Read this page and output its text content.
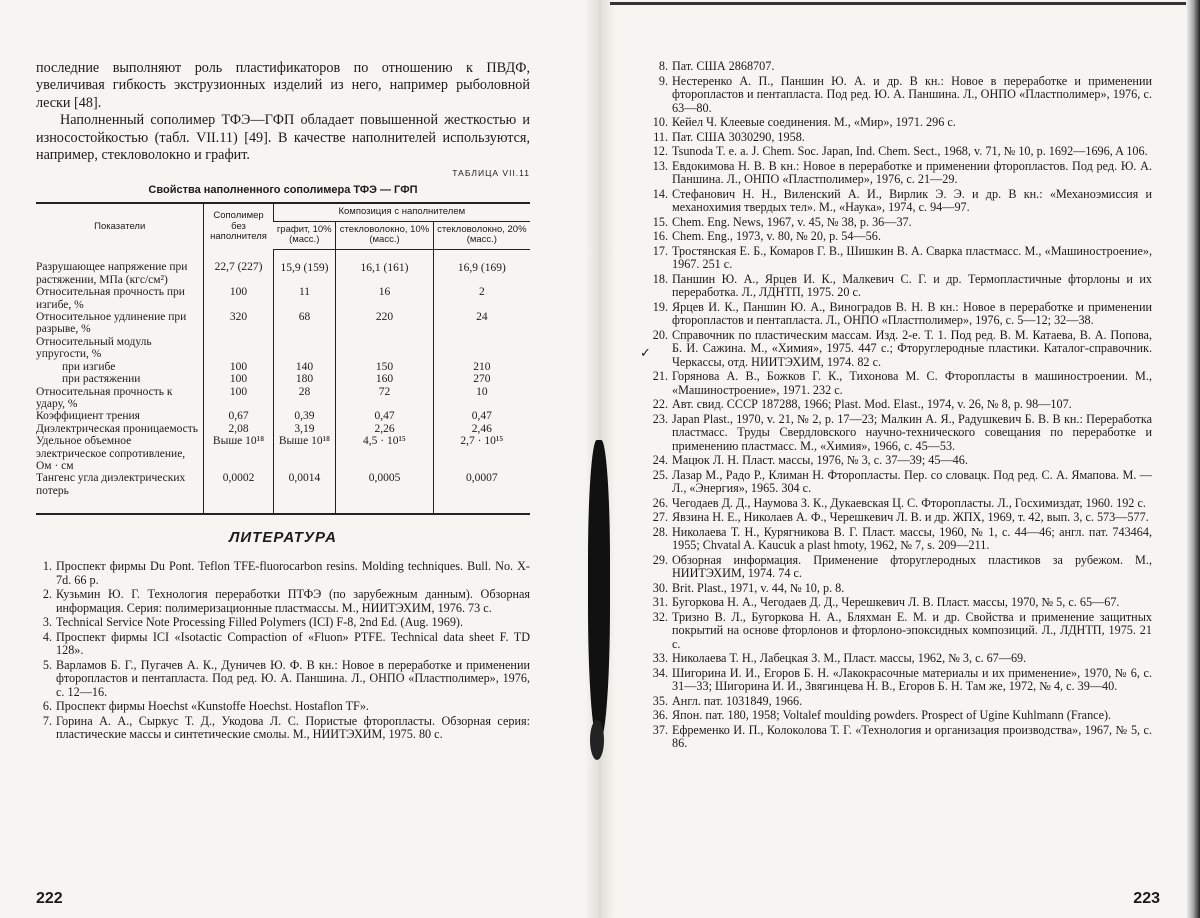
последние выполняют роль пластификаторов по отношению к ПВДФ, увеличивая гибкость экструзионных изделий из него, например рыболовной лески [48].

Наполненный сополимер ТФЭ—ГФП обладает повышенной жесткостью и износостойкостью (табл. VII.11) [49]. В качестве наполнителей используются, например, стекловолокно и графит.

ТАБЛИЦА VII.11
Свойства наполненного сополимера ТФЭ — ГФП
Показатели	Сополимер без наполнителя	Композиция с наполнителем		
		графит, 10% (масс.)	стекловолокно, 10% (масс.)	стекловолокно, 20% (масс.)
Разрушающее напряжение при растяжении, МПа (кгс/см²)	22,7 (227)	15,9 (159)	16,1 (161)	16,9 (169)
Относительная прочность при изгибе, %	100	11	16	2
Относительное удлинение при разрыве, %	320	68	220	24
Относительный модуль упругости, %				
при изгибе	100	140	150	210
при растяжении	100	180	160	270
Относительная прочность к удару, %	100	28	72	10
Коэффициент трения	0,67	0,39	0,47	0,47
Диэлектрическая проницаемость	2,08	3,19	2,26	2,46
Удельное объемное электрическое сопротивление, Ом · см	Выше 10¹⁸	Выше 10¹⁸	4,5 · 10¹⁵	2,7 · 10¹⁵
Тангенс угла диэлектрических потерь	0,0002	0,0014	0,0005	0,0007
ЛИТЕРАТУРА
1. Проспект фирмы Du Pont. Teflon TFE-fluorocarbon resins. Molding techniques. Bull. No. X-7d. 66 p.
2. Кузьмин Ю. Г. Технология переработки ПТФЭ (по зарубежным данным). Обзорная информация. Серия: полимеризационные пластмассы. М., НИИТЭХИМ, 1976. 73 с.
3. Technical Service Note Processing Filled Polymers (ICI) F-8, 2nd Ed. (Aug. 1969).
4. Проспект фирмы ICI «Isotactic Compaction of «Fluon» PTFE. Technical data sheet F. TD 128».
5. Варламов Б. Г., Пугачев А. К., Дуничев Ю. Ф. В кн.: Новое в переработке и применении фторопластов и пентапласта. Под ред. Ю. А. Паншина. Л., ОНПО «Пластполимер», 1976, с. 12—16.
6. Проспект фирмы Hoechst «Kunstoffe Hoechst. Hostaflon TF».
7. Горина А. А., Сыркус Т. Д., Укодова Л. С. Пористые фторопласты. Обзорная серия: пластические массы и синтетические смолы. М., НИИТЭХИМ, 1975. 80 с.
222
✓
8. Пат. США 2868707.
9. Нестеренко А. П., Паншин Ю. А. и др. В кн.: Новое в переработке и применении фторопластов и пентапласта. Под ред. Ю. А. Паншина. Л., ОНПО «Пластполимер», 1976, с. 63—80.
10. Кейел Ч. Клеевые соединения. М., «Мир», 1971. 296 с.
11. Пат. США 3030290, 1958.
12. Tsunoda T. e. a. J. Chem. Soc. Japan, Ind. Chem. Sect., 1968, v. 71, № 10, p. 1692—1696, A 106.
13. Евдокимова Н. В. В кн.: Новое в переработке и применении фторопластов. Под ред. Ю. А. Паншина. Л., ОНПО «Пластполимер», 1976, с. 21—29.
14. Стефанович Н. Н., Виленский А. И., Вирлик Э. Э. и др. В кн.: «Механоэмиссия и механохимия твердых тел». М., «Наука», 1974, с. 94—97.
15. Chem. Eng. News, 1967, v. 45, № 38, p. 36—37.
16. Chem. Eng., 1973, v. 80, № 20, p. 54—56.
17. Тростянская Е. Б., Комаров Г. В., Шишкин В. А. Сварка пластмасс. М., «Машиностроение», 1967. 251 с.
18. Паншин Ю. А., Ярцев И. К., Малкевич С. Г. и др. Термопластичные фторлоны и их переработка. Л., ЛДНТП, 1975. 20 с.
19. Ярцев И. К., Паншин Ю. А., Виноградов В. Н. В кн.: Новое в переработке и применении фторопластов и пентапласта. Л., ОНПО «Пластполимер», 1976, с. 5—12; 32—38.
20. Справочник по пластическим массам. Изд. 2-е. Т. 1. Под ред. В. М. Катаева, В. А. Попова, Б. И. Сажина. М., «Химия», 1975. 447 с.; Фторуглеродные пластики. Каталог-справочник. Черкассы, отд. НИИТЭХИМ, 1974. 82 с.
21. Горянова А. В., Божков Г. К., Тихонова М. С. Фторопласты в машиностроении. М., «Машиностроение», 1971. 232 с.
22. Авт. свид. СССР 187288, 1966; Plast. Mod. Elast., 1974, v. 26, № 8, p. 98—107.
23. Japan Plast., 1970, v. 21, № 2, p. 17—23; Малкин А. Я., Радушкевич Б. В. В кн.: Переработка пластмасс. Труды Свердловского научно-технического совещания по переработке и применению пластмасс. М., «Химия», 1966, с. 45—53.
24. Мацюк Л. Н. Пласт. массы, 1976, № 3, с. 37—39; 45—46.
25. Лазар М., Радо Р., Климан Н. Фторопласты. Пер. со словацк. Под ред. С. А. Ямапова. М. — Л., «Энергия», 1965. 304 с.
26. Чегодаев Д. Д., Наумова З. К., Дукаевская Ц. С. Фторопласты. Л., Госхимиздат, 1960. 192 с.
27. Явзина Н. Е., Николаев А. Ф., Черешкевич Л. В. и др. ЖПХ, 1969, т. 42, вып. 3, с. 573—577.
28. Николаева Т. Н., Курягникова В. Г. Пласт. массы, 1960, № 1, с. 44—46; англ. пат. 743464, 1955; Chvatal A. Kaucuk a plast hmoty, 1962, № 7, s. 209—211.
29. Обзорная информация. Применение фторуглеродных пластиков за рубежом. М., НИИТЭХИМ, 1974. 74 с.
30. Brit. Plast., 1971, v. 44, № 10, p. 8.
31. Бугоркова Н. А., Чегодаев Д. Д., Черешкевич Л. В. Пласт. массы, 1970, № 5, с. 65—67.
32. Тризно В. Л., Бугоркова Н. А., Бляхман Е. М. и др. Свойства и применение защитных покрытий на основе фторлонов и фторлоно-эпоксидных композиций. Л., ЛДНТП, 1975. 21 с.
33. Николаева Т. Н., Лабецкая З. М., Пласт. массы, 1962, № 3, с. 67—69.
34. Шигорина И. И., Егоров Б. Н. «Лакокрасочные материалы и их применение», 1970, № 6, с. 31—33; Шигорина И. И., Звягинцева Н. В., Егоров Б. Н. Там же, 1972, № 4, с. 39—40.
35. Англ. пат. 1031849, 1966.
36. Япон. пат. 180, 1958; Voltalef moulding powders. Prospect of Ugine Kuhlmann (France).
37. Ефременко И. П., Колоколова Т. Г. «Технология и организация производства», 1967, № 5, с. 86.
223
